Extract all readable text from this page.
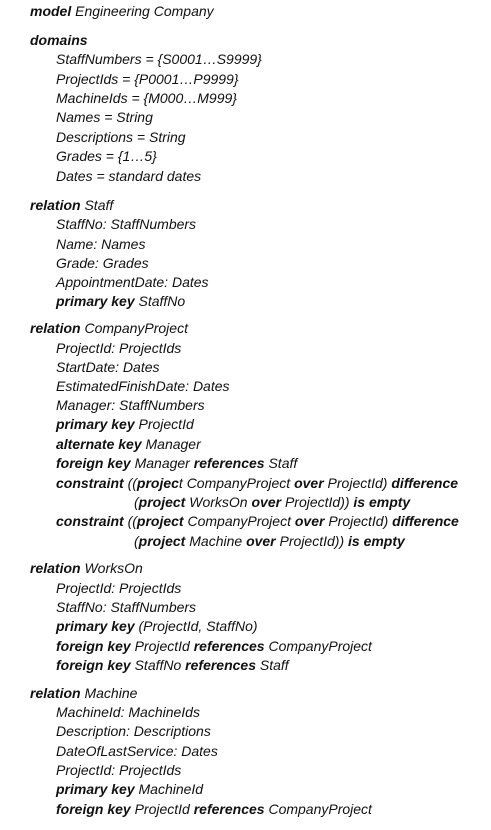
model Engineering Company
domains
StaffNumbers = {S0001…S9999}
ProjectIds = {P0001…P9999}
MachineIds = {M000…M999}
Names = String
Descriptions = String
Grades = {1…5}
Dates = standard dates
relation Staff
StaffNo: StaffNumbers
Name: Names
Grade: Grades
AppointmentDate: Dates
primary key StaffNo
relation CompanyProject
ProjectId: ProjectIds
StartDate: Dates
EstimatedFinishDate: Dates
Manager: StaffNumbers
primary key ProjectId
alternate key Manager
foreign key Manager references Staff
constraint ((project CompanyProject over ProjectId) difference
(project WorksOn over ProjectId)) is empty
constraint ((project CompanyProject over ProjectId) difference
(project Machine over ProjectId)) is empty
relation WorksOn
ProjectId: ProjectIds
StaffNo: StaffNumbers
primary key (ProjectId, StaffNo)
foreign key ProjectId references CompanyProject
foreign key StaffNo references Staff
relation Machine
MachineId: MachineIds
Description: Descriptions
DateOfLastService: Dates
ProjectId: ProjectIds
primary key MachineId
foreign key ProjectId references CompanyProject
